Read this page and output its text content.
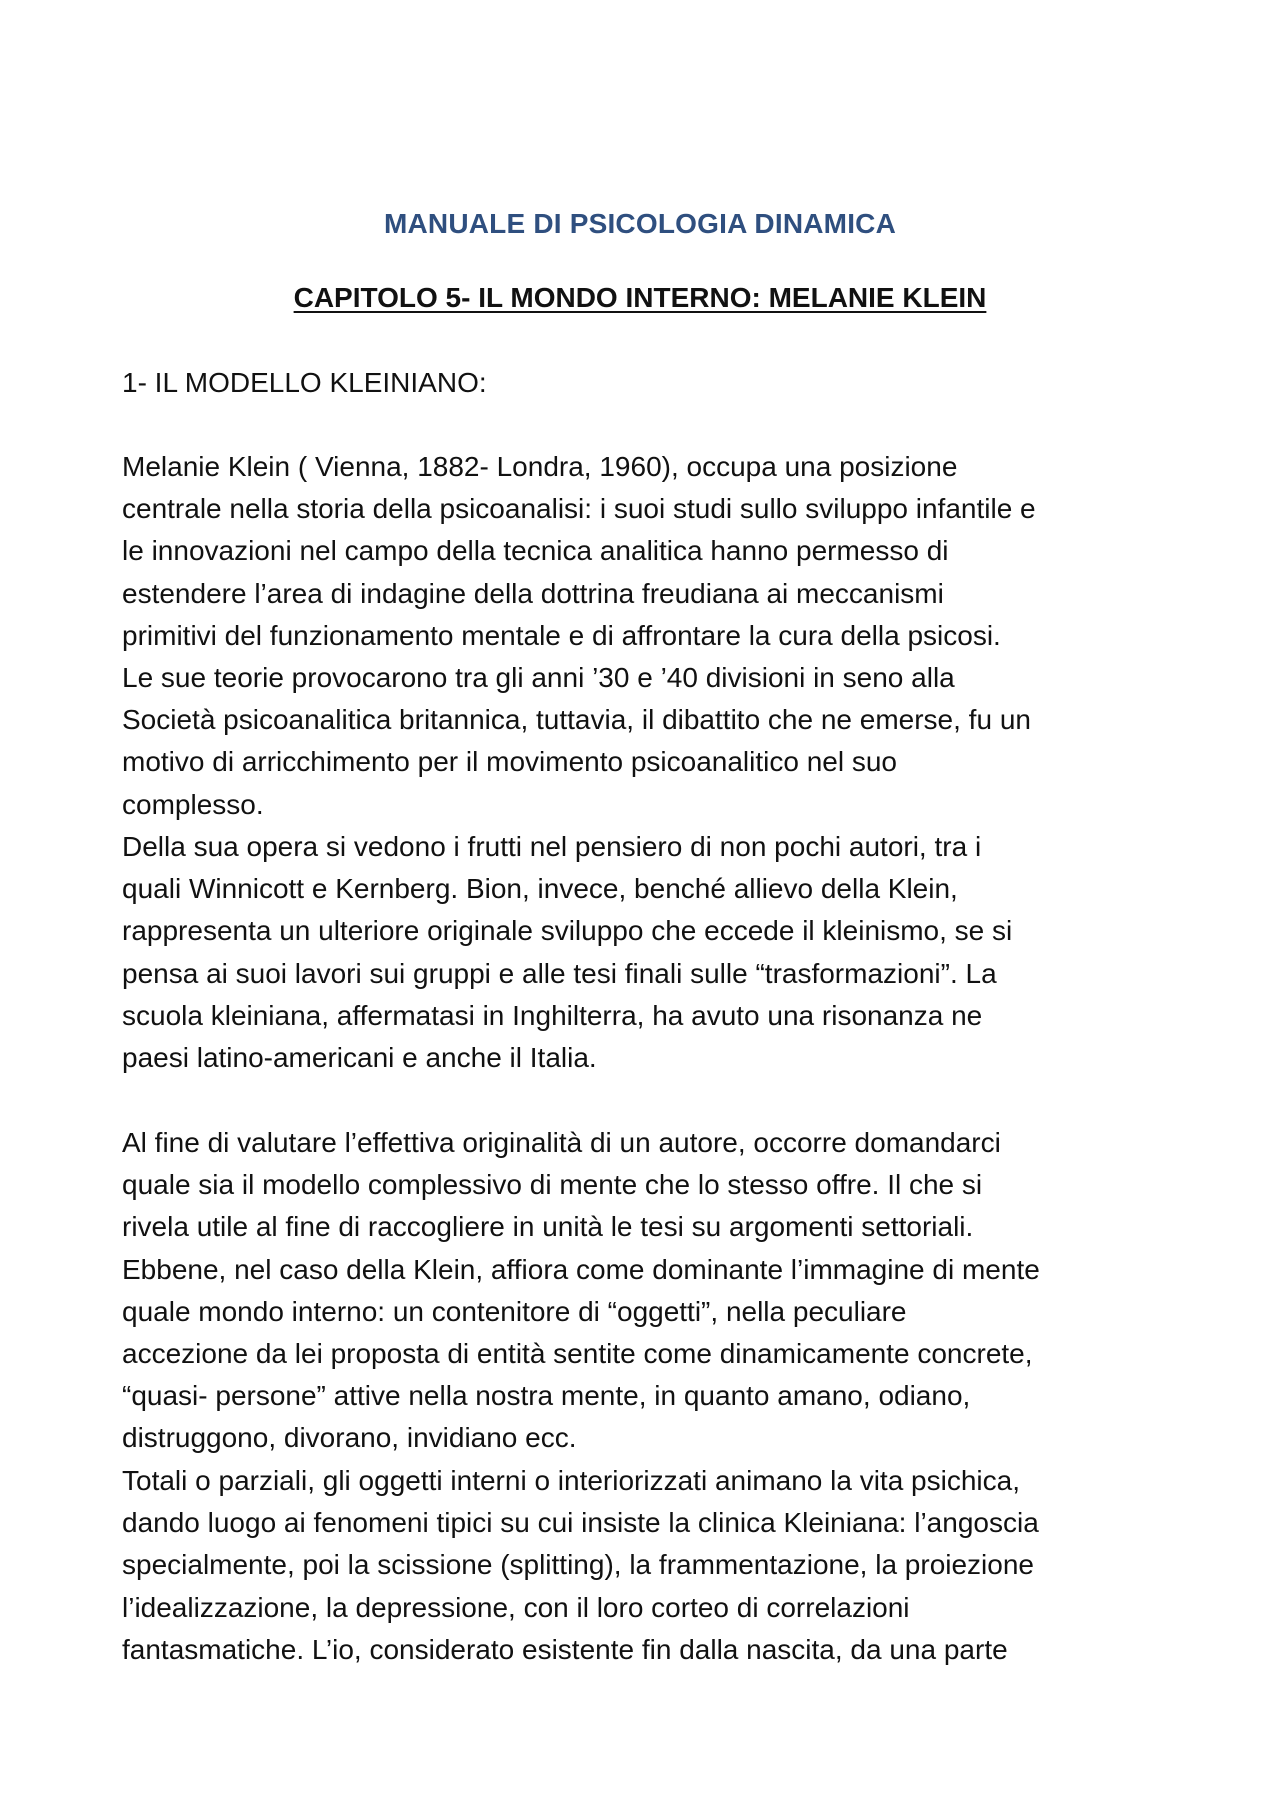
MANUALE DI PSICOLOGIA DINAMICA
CAPITOLO 5- IL MONDO INTERNO: MELANIE KLEIN
1- IL MODELLO KLEINIANO:

Melanie Klein ( Vienna, 1882- Londra, 1960), occupa una posizione
centrale nella storia della psicoanalisi: i suoi studi sullo sviluppo infantile e
le innovazioni nel campo della tecnica analitica hanno permesso di
estendere l’area di indagine della dottrina freudiana ai meccanismi
primitivi del funzionamento mentale e di affrontare la cura della psicosi.
Le sue teorie provocarono tra gli anni ’30 e ’40 divisioni in seno alla
Società psicoanalitica britannica, tuttavia, il dibattito che ne emerse, fu un
motivo di arricchimento per il movimento psicoanalitico nel suo
complesso.

Della sua opera si vedono i frutti nel pensiero di non pochi autori, tra i
quali Winnicott e Kernberg. Bion, invece, benché allievo della Klein,
rappresenta un ulteriore originale sviluppo che eccede il kleinismo, se si
pensa ai suoi lavori sui gruppi e alle tesi finali sulle “trasformazioni”. La
scuola kleiniana, affermatasi in Inghilterra, ha avuto una risonanza ne
paesi latino-americani e anche il Italia.

Al fine di valutare l’effettiva originalità di un autore, occorre domandarci
quale sia il modello complessivo di mente che lo stesso offre. Il che si
rivela utile al fine di raccogliere in unità le tesi su argomenti settoriali.
Ebbene, nel caso della Klein, affiora come dominante l’immagine di mente
quale mondo interno: un contenitore di “oggetti”, nella peculiare
accezione da lei proposta di entità sentite come dinamicamente concrete,
“quasi- persone” attive nella nostra mente, in quanto amano, odiano,
distruggono, divorano, invidiano ecc.

Totali o parziali, gli oggetti interni o interiorizzati animano la vita psichica,
dando luogo ai fenomeni tipici su cui insiste la clinica Kleiniana: l’angoscia
specialmente, poi la scissione (splitting), la frammentazione, la proiezione
l’idealizzazione, la depressione, con il loro corteo di correlazioni
fantasmatiche. L’io, considerato esistente fin dalla nascita, da una parte
